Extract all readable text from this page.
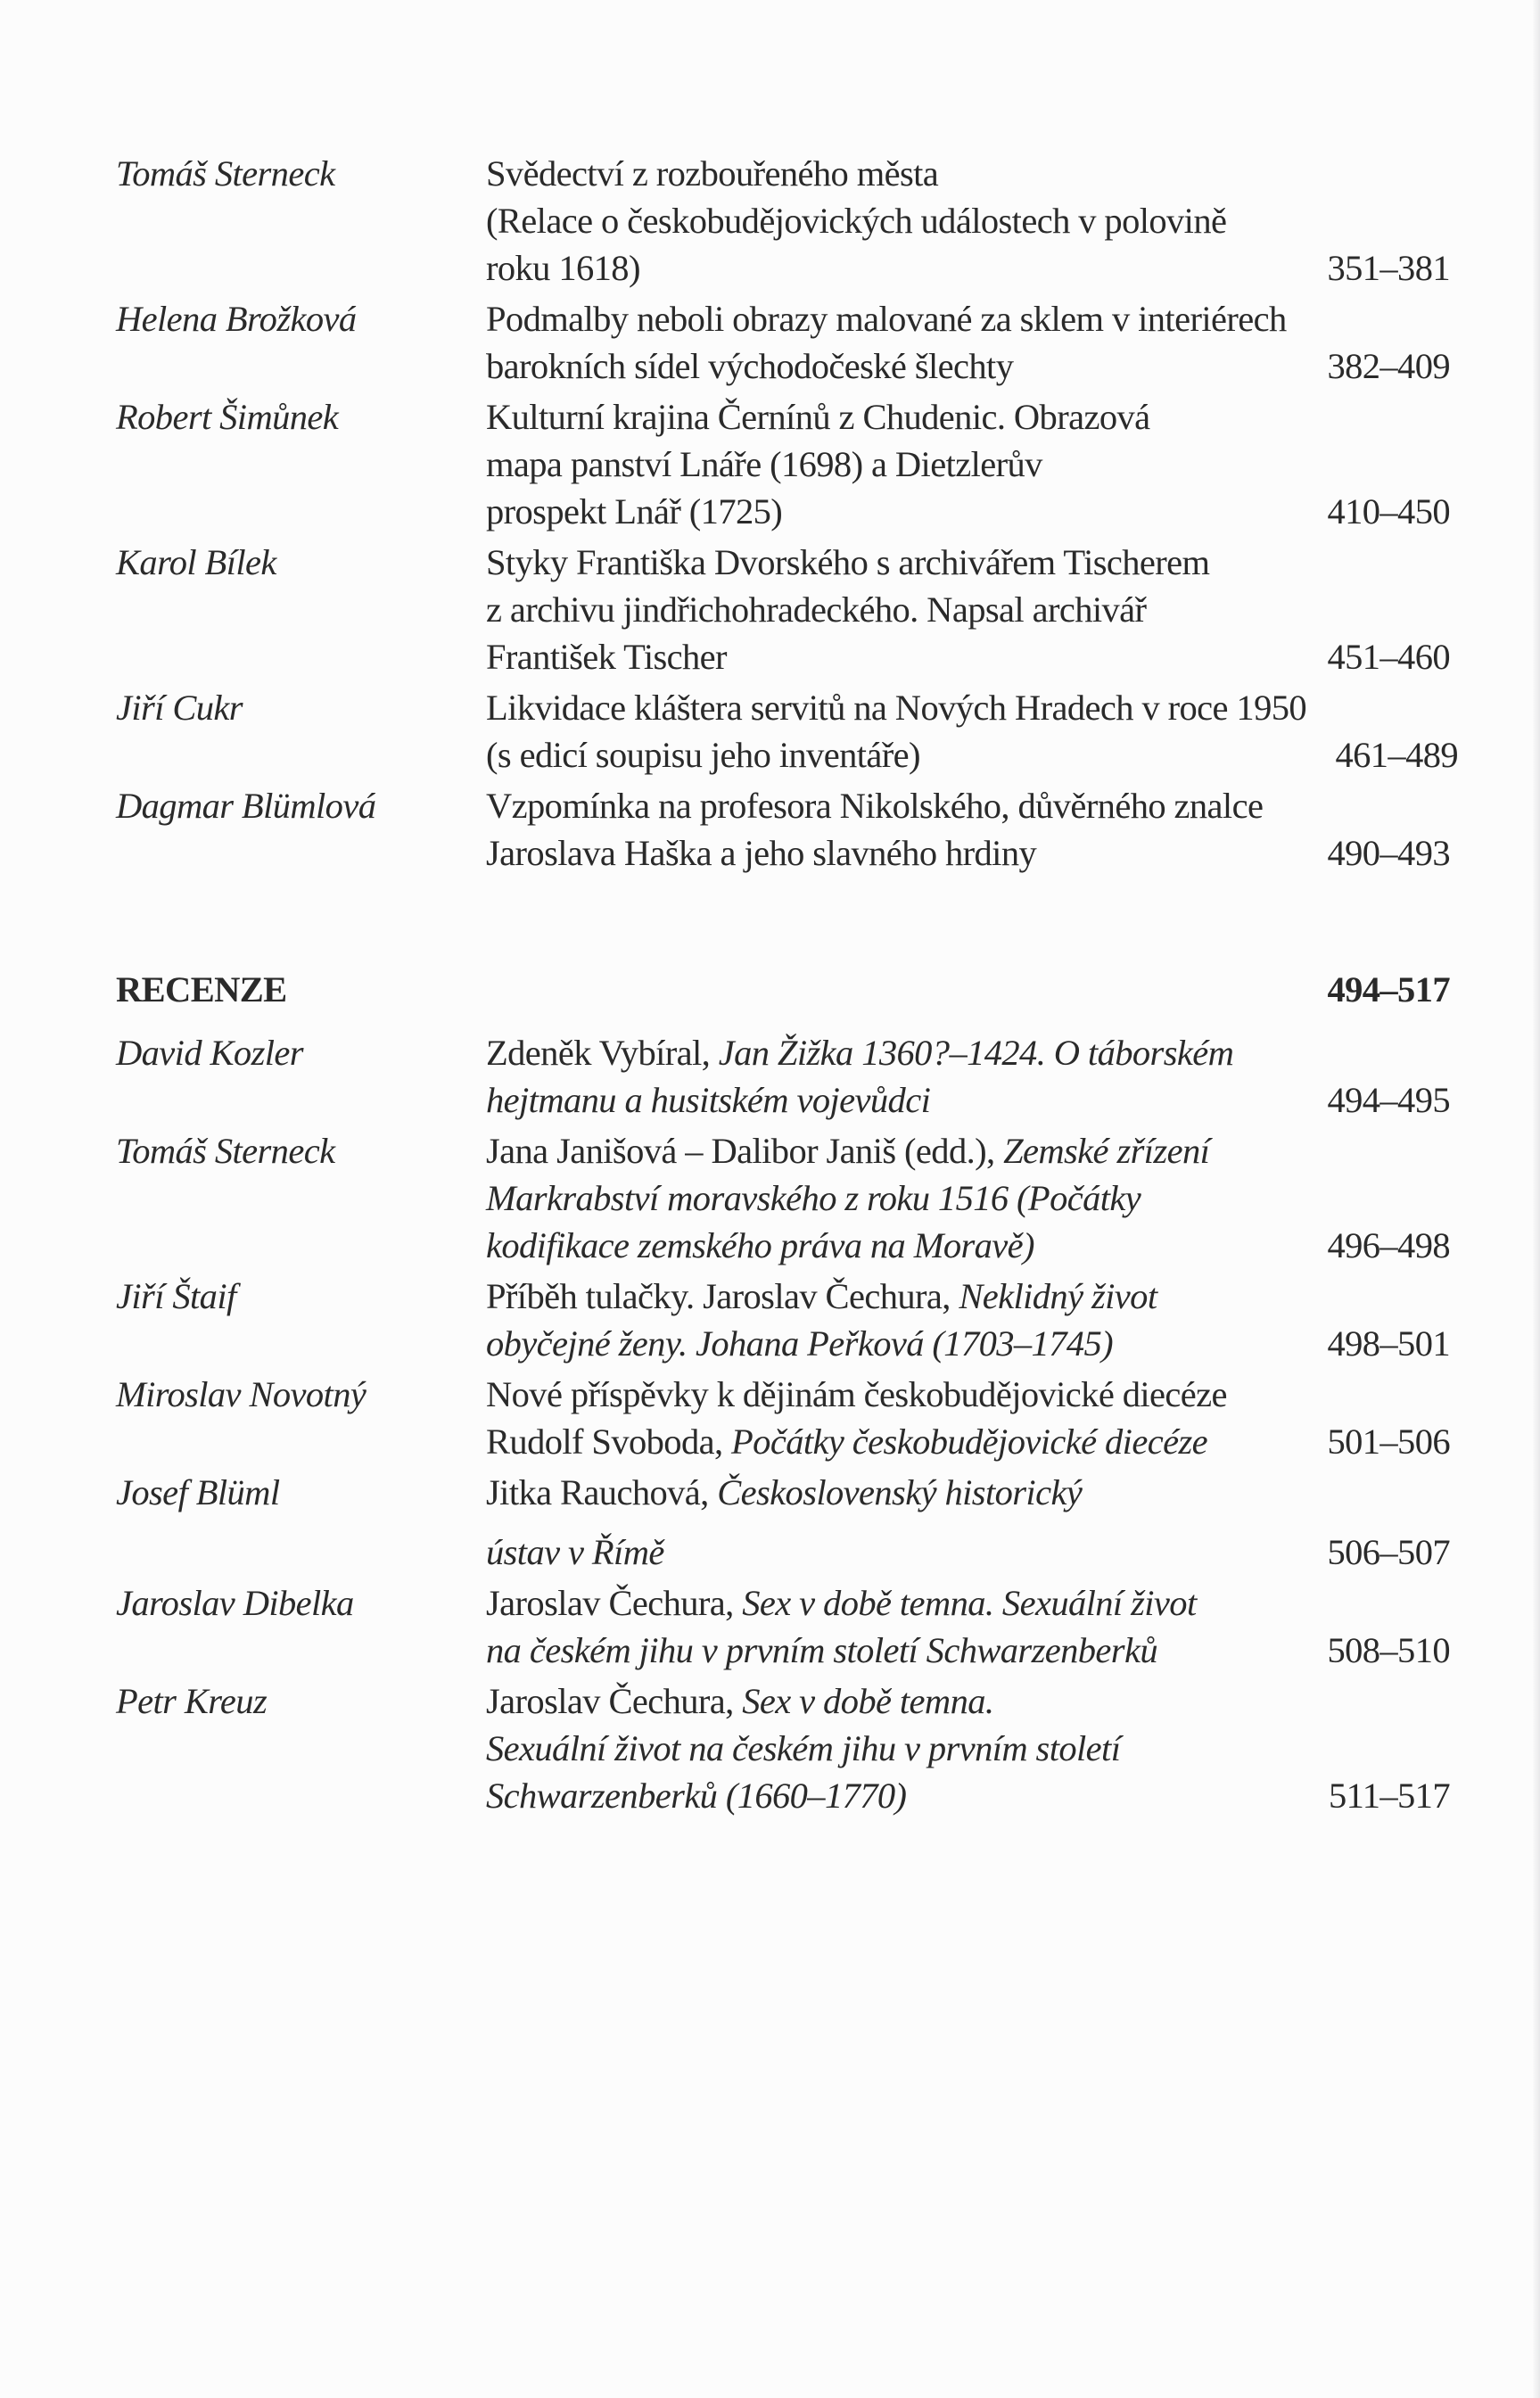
Tomáš Sterneck	Svědectví z rozbouřeného města
(Relace o českobudějovických událostech v polovině
roku 1618)	351–381
Helena Brožková	Podmalby neboli obrazy malované za sklem v interiérech
barokních sídel východočeské šlechty	382–409
Robert Šimůnek	Kulturní krajina Černínů z Chudenic. Obrazová
mapa panství Lnáře (1698) a Dietzlerův
prospekt Lnář (1725)	410–450
Karol Bílek	Styky Františka Dvorského s archivářem Tischerem
z archivu jindřichohradeckého. Napsal archivář
František Tischer	451–460
Jiří Cukr	Likvidace kláštera servitů na Nových Hradech v roce 1950
(s edicí soupisu jeho inventáře)	461–489
Dagmar Blümlová	Vzpomínka na profesora Nikolského, důvěrného znalce
Jaroslava Haška a jeho slavného hrdiny	490–493
RECENZE	494–517
David Kozler	Zdeněk Vybíral, Jan Žižka 1360?–1424. O táborském
hejtmanu a husitském vojevůdci	494–495
Tomáš Sterneck	Jana Janišová – Dalibor Janiš (edd.), Zemské zřízení
Markrabství moravského z roku 1516 (Počátky
kodifikace zemského práva na Moravě)	496–498
Jiří Štaif	Příběh tulačky. Jaroslav Čechura, Neklidný život
obyčejné ženy. Johana Peřková (1703–1745)	498–501
Miroslav Novotný	Nové příspěvky k dějinám českobudějovické diecéze
Rudolf Svoboda, Počátky českobudějovické diecéze	501–506
Josef Blüml	Jitka Rauchová, Československý historický
ústav v Římě	506–507
Jaroslav Dibelka	Jaroslav Čechura, Sex v době temna. Sexuální život
na českém jihu v prvním století Schwarzenberků	508–510
Petr Kreuz	Jaroslav Čechura, Sex v době temna.
Sexuální život na českém jihu v prvním století
Schwarzenberků (1660–1770)	511–517
